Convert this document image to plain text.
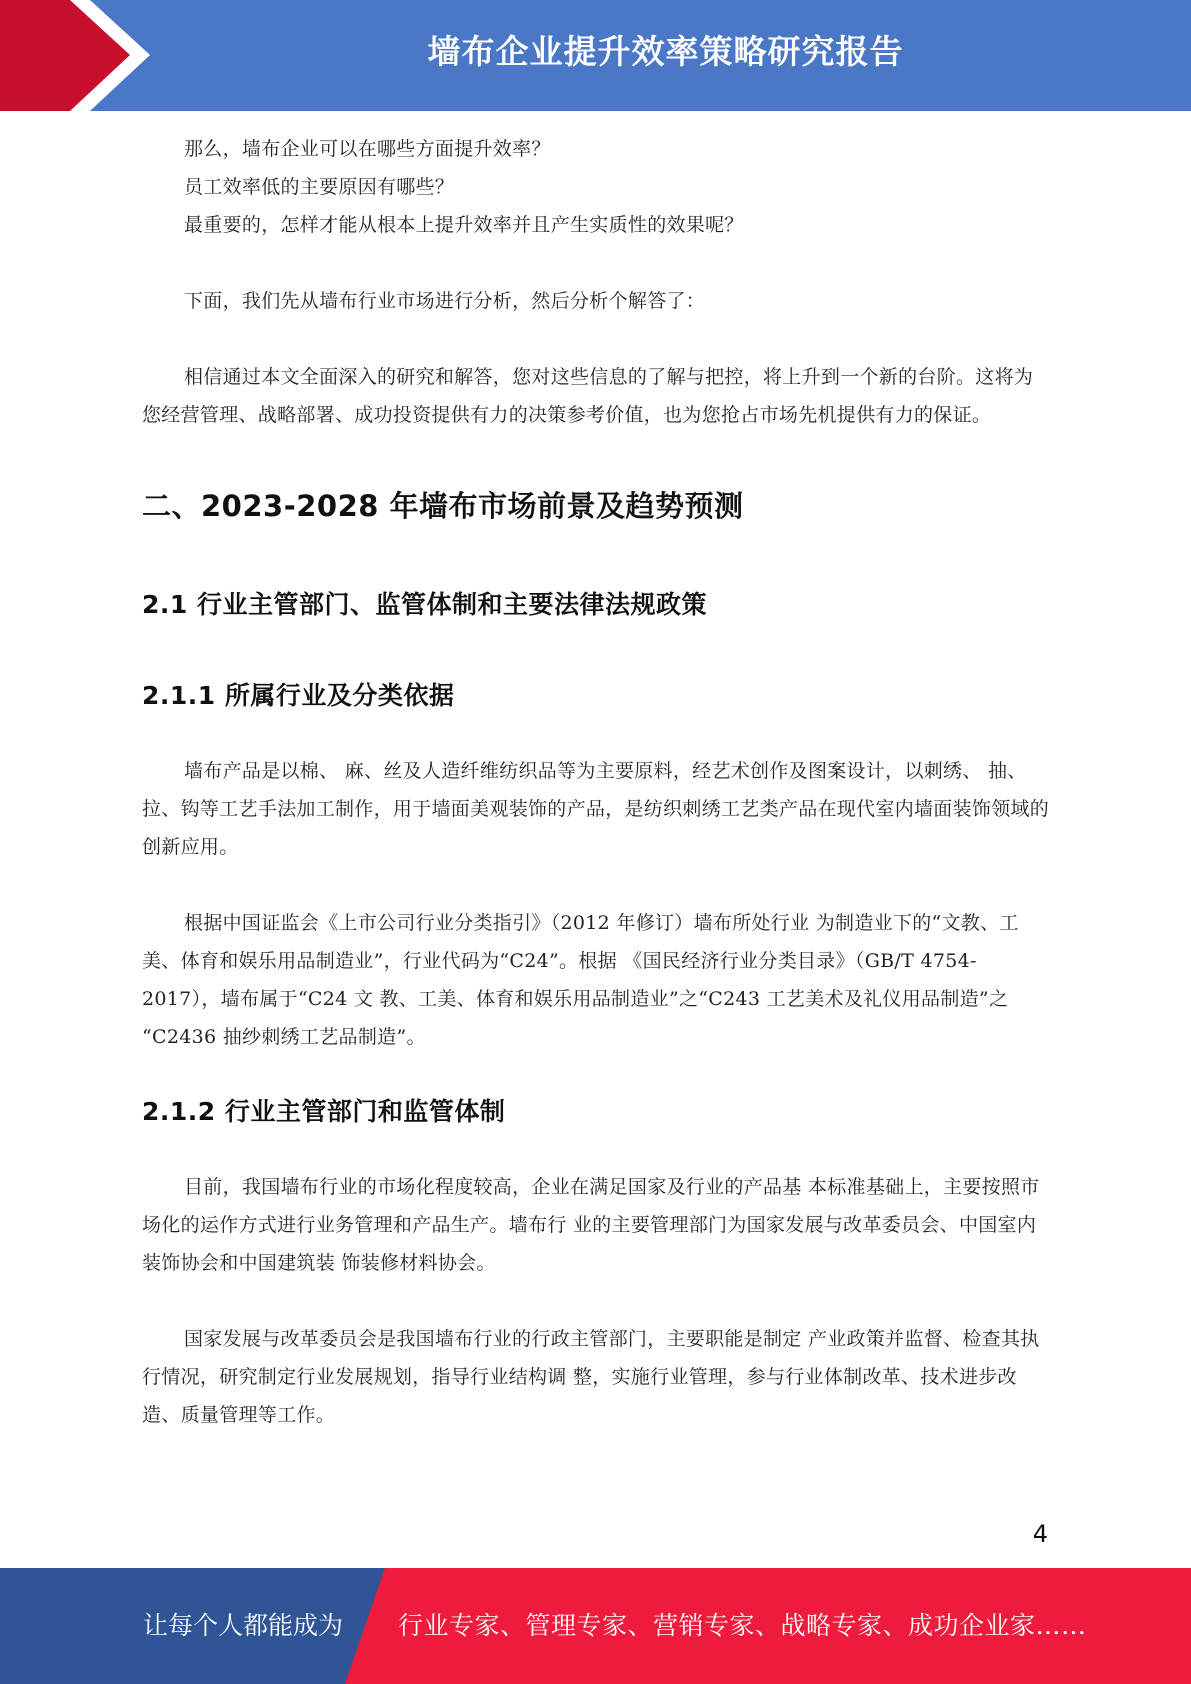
墙布企业提升效率策略研究报告

那么，墙布企业可以在哪些方面提升效率？

员工效率低的主要原因有哪些？

最重要的，怎样才能从根本上提升效率并且产生实质性的效果呢？

下面，我们先从墙布行业市场进行分析，然后分析个解答了：

相信通过本文全面深入的研究和解答，您对这些信息的了解与把控，将上升到一个新的台阶。这将为您经营管理、战略部署、成功投资提供有力的决策参考价值，也为您抢占市场先机提供有力的保证。

二、2023-2028 年墙布市场前景及趋势预测
2.1 行业主管部门、监管体制和主要法律法规政策
2.1.1 所属行业及分类依据

墙布产品是以棉、 麻、丝及人造纤维纺织品等为主要原料，经艺术创作及图案设计，以刺绣、 抽、拉、钩等工艺手法加工制作，用于墙面美观装饰的产品，是纺织刺绣工艺类产品在现代室内墙面装饰领域的创新应用。

根据中国证监会《上市公司行业分类指引》（2012 年修订）墙布所处行业 为制造业下的“文教、工美、体育和娱乐用品制造业”，行业代码为“C24”。根据 《国民经济行业分类目录》（GB/T 4754-2017），墙布属于“C24 文 教、工美、体育和娱乐用品制造业”之“C243 工艺美术及礼仪用品制造”之 “C2436 抽纱刺绣工艺品制造”。

2.1.2 行业主管部门和监管体制

目前，我国墙布行业的市场化程度较高，企业在满足国家及行业的产品基 本标准基础上，主要按照市场化的运作方式进行业务管理和产品生产。墙布行 业的主要管理部门为国家发展与改革委员会、中国室内装饰协会和中国建筑装 饰装修材料协会。

国家发展与改革委员会是我国墙布行业的行政主管部门，主要职能是制定 产业政策并监督、检查其执行情况，研究制定行业发展规划，指导行业结构调 整，实施行业管理，参与行业体制改革、技术进步改造、质量管理等工作。

4
让每个人都能成为 行业专家、管理专家、营销专家、战略专家、成功企业家……
